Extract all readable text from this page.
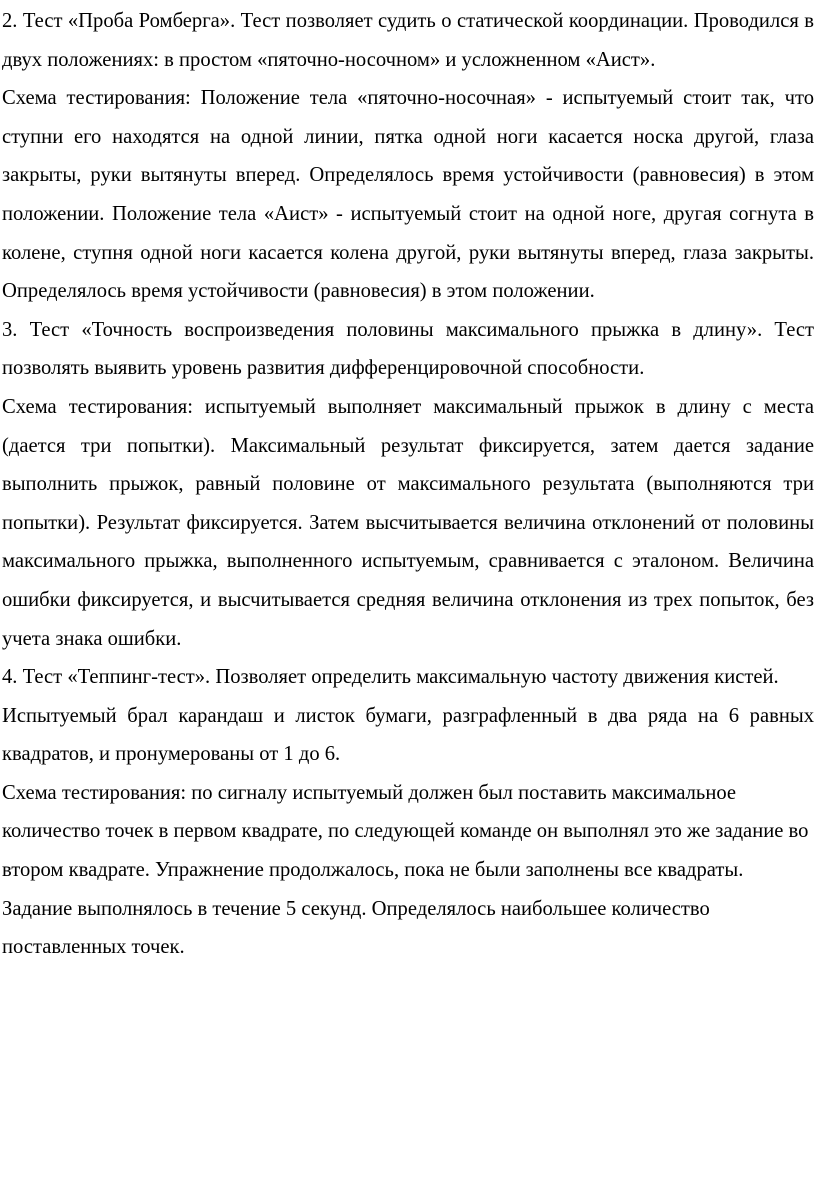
2. Тест «Проба Ромберга». Тест позволяет судить о статической координации. Проводился в двух положениях: в простом «пяточно-носочном» и усложненном «Аист».

Схема тестирования: Положение тела «пяточно-носочная» - испытуемый стоит так, что ступни его находятся на одной линии, пятка одной ноги касается носка другой, глаза закрыты, руки вытянуты вперед. Определялось время устойчивости (равновесия) в этом положении. Положение тела «Аист» - испытуемый стоит на одной ноге, другая согнута в колене, ступня одной ноги касается колена другой, руки вытянуты вперед, глаза закрыты. Определялось время устойчивости (равновесия) в этом положении.

3. Тест «Точность воспроизведения половины максимального прыжка в длину». Тест позволять выявить уровень развития дифференцировочной способности.

Схема тестирования: испытуемый выполняет максимальный прыжок в длину с места (дается три попытки). Максимальный результат фиксируется, затем дается задание выполнить прыжок, равный половине от максимального результата (выполняются три попытки). Результат фиксируется. Затем высчитывается величина отклонений от половины максимального прыжка, выполненного испытуемым, сравнивается с эталоном. Величина ошибки фиксируется, и высчитывается средняя величина отклонения из трех попыток, без учета знака ошибки.

4. Тест «Теппинг-тест». Позволяет определить максимальную частоту движения кистей.

Испытуемый брал карандаш и листок бумаги, разграфленный в два ряда на 6 равных квадратов, и пронумерованы от 1 до 6.

Схема тестирования: по сигналу испытуемый должен был поставить максимальное количество точек в первом квадрате, по следующей команде он выполнял это же задание во втором квадрате. Упражнение продолжалось, пока не были заполнены все квадраты. Задание выполнялось в течение 5 секунд. Определялось наибольшее количество поставленных точек.
